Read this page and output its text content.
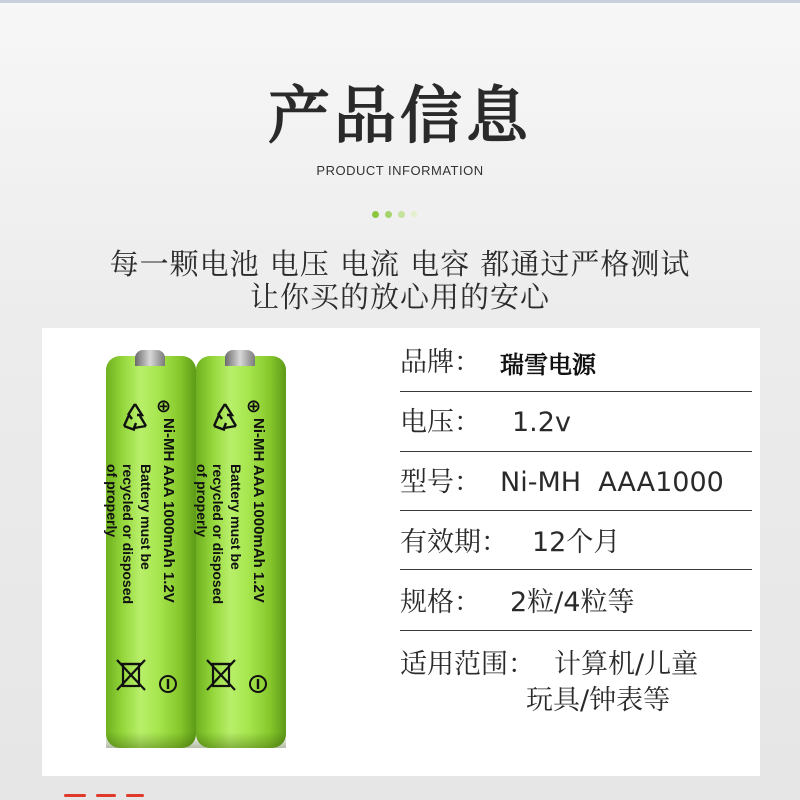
产品信息
PRODUCT INFORMATION
每一颗电池 电压 电流 电容 都通过严格测试
让你买的放心用的安心
⊕
Ni-MH AAA 1000mAh 1.2V
Battery must be
recycled or disposed
of properly
⊕
Ni-MH AAA 1000mAh 1.2V
Battery must be
recycled or disposed
of properly
品牌： 瑞雪电源
电压： 1.2v
型号： Ni-MH  AAA1000
有效期： 12个月
规格： 2粒/4粒等
适用范围： 计算机/儿童
玩具/钟表等
